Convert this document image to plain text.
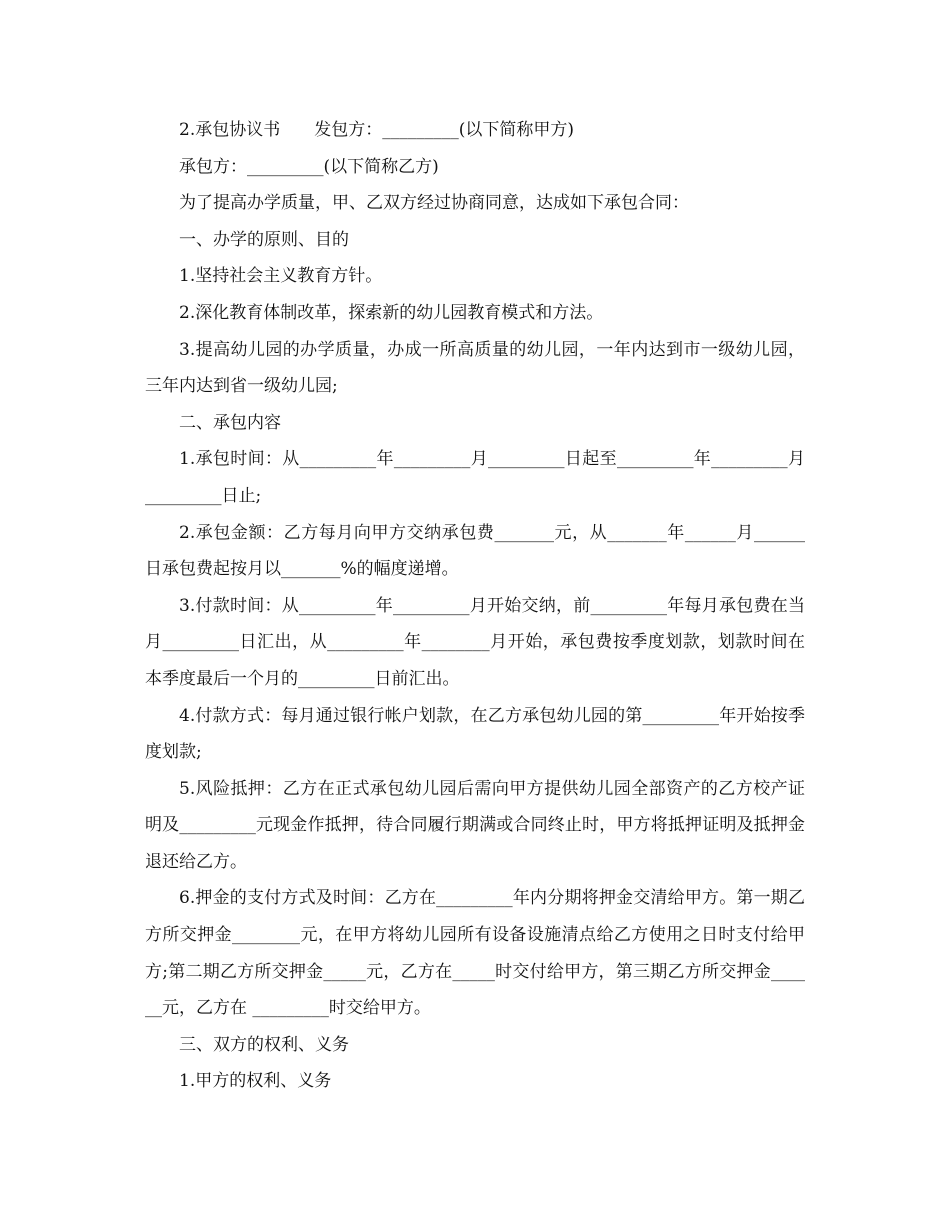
2.承包协议书　　发包方：_________(以下简称甲方)

承包方：_________(以下简称乙方)

为了提高办学质量，甲、乙双方经过协商同意，达成如下承包合同：

一、办学的原则、目的

1.坚持社会主义教育方针。

2.深化教育体制改革，探索新的幼儿园教育模式和方法。

3.提高幼儿园的办学质量，办成一所高质量的幼儿园，一年内达到市一级幼儿园，三年内达到省一级幼儿园;

二、承包内容

1.承包时间：从_________年_________月_________日起至_________年_________月_________日止;

2.承包金额：乙方每月向甲方交纳承包费_______元，从_______年______月______日承包费起按月以_______%的幅度递增。

3.付款时间：从_________年_________月开始交纳，前_________年每月承包费在当月_________日汇出，从_________年________月开始，承包费按季度划款，划款时间在本季度最后一个月的_________日前汇出。

4.付款方式：每月通过银行帐户划款，在乙方承包幼儿园的第_________年开始按季度划款;

5.风险抵押：乙方在正式承包幼儿园后需向甲方提供幼儿园全部资产的乙方校产证明及_________元现金作抵押，待合同履行期满或合同终止时，甲方将抵押证明及抵押金退还给乙方。

6.押金的支付方式及时间：乙方在_________年内分期将押金交清给甲方。第一期乙方所交押金________元，在甲方将幼儿园所有设备设施清点给乙方使用之日时支付给甲方;第二期乙方所交押金_____元，乙方在_____时交付给甲方，第三期乙方所交押金______元，乙方在 _________时交给甲方。

三、双方的权利、义务

1.甲方的权利、义务
